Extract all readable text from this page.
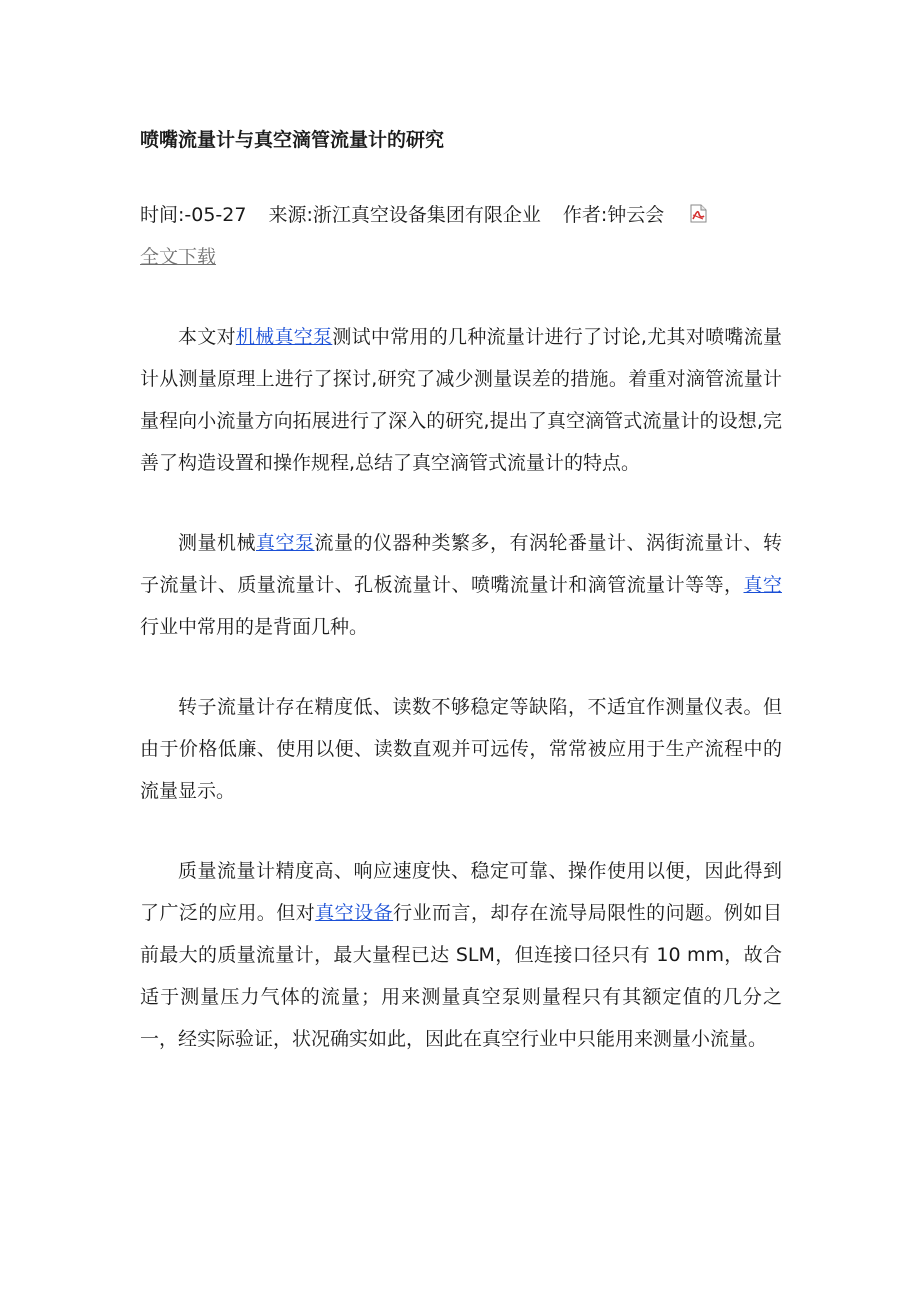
喷嘴流量计与真空滴管流量计的研究
时间:-05-27 来源:浙江真空设备集团有限企业 作者:钟云会全文下载

本文对机械真空泵测试中常用的几种流量计进行了讨论,尤其对喷嘴流量计从测量原理上进行了探讨,研究了减少测量误差的措施。着重对滴管流量计量程向小流量方向拓展进行了深入的研究,提出了真空滴管式流量计的设想,完善了构造设置和操作规程,总结了真空滴管式流量计的特点。

测量机械真空泵流量的仪器种类繁多，有涡轮番量计、涡街流量计、转子流量计、质量流量计、孔板流量计、喷嘴流量计和滴管流量计等等，真空行业中常用的是背面几种。

转子流量计存在精度低、读数不够稳定等缺陷，不适宜作测量仪表。但由于价格低廉、使用以便、读数直观并可远传，常常被应用于生产流程中的流量显示。

质量流量计精度高、响应速度快、稳定可靠、操作使用以便，因此得到了广泛的应用。但对真空设备行业而言，却存在流导局限性的问题。例如目前最大的质量流量计，最大量程已达 SLM，但连接口径只有 10 mm，故合适于测量压力气体的流量；用来测量真空泵则量程只有其额定值的几分之一，经实际验证，状况确实如此，因此在真空行业中只能用来测量小流量。
